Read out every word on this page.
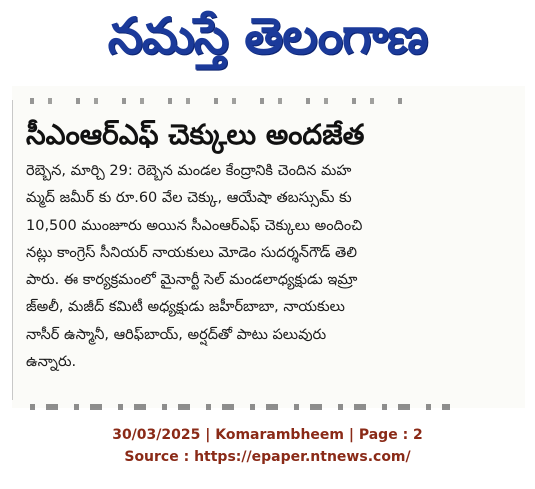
నమస్తే తెలంగాణ
సీఎంఆర్ఎఫ్ చెక్కులు అందజేత
రెబ్బెన, మార్చి 29: రెబ్బెన మండల కేంద్రానికి చెందిన మహ
మ్మద్ జమీర్ కు రూ.60 వేల చెక్కు, ఆయేషా తబస్సుమ్ కు
10,500 ముంజూరు అయిన సీఎంఆర్ఎఫ్ చెక్కులు అందించి
నట్లు కాంగ్రెస్ సీనియర్ నాయకులు మోడెం సుదర్శన్‌గౌడ్ తెలి
పారు. ఈ కార్యక్రమంలో మైనార్టీ సెల్ మండలాధ్యక్షుడు ఇమ్రా
జ్అలీ, మజీద్ కమిటీ అధ్యక్షుడు జహీర్‌బాబా, నాయకులు
నాసీర్ ఉస్మానీ, ఆరిఫ్‌బాయ్, అర్షద్‌తో పాటు పలువురు
ఉన్నారు.
30/03/2025 | Komarambheem | Page : 2
Source : https://epaper.ntnews.com/
